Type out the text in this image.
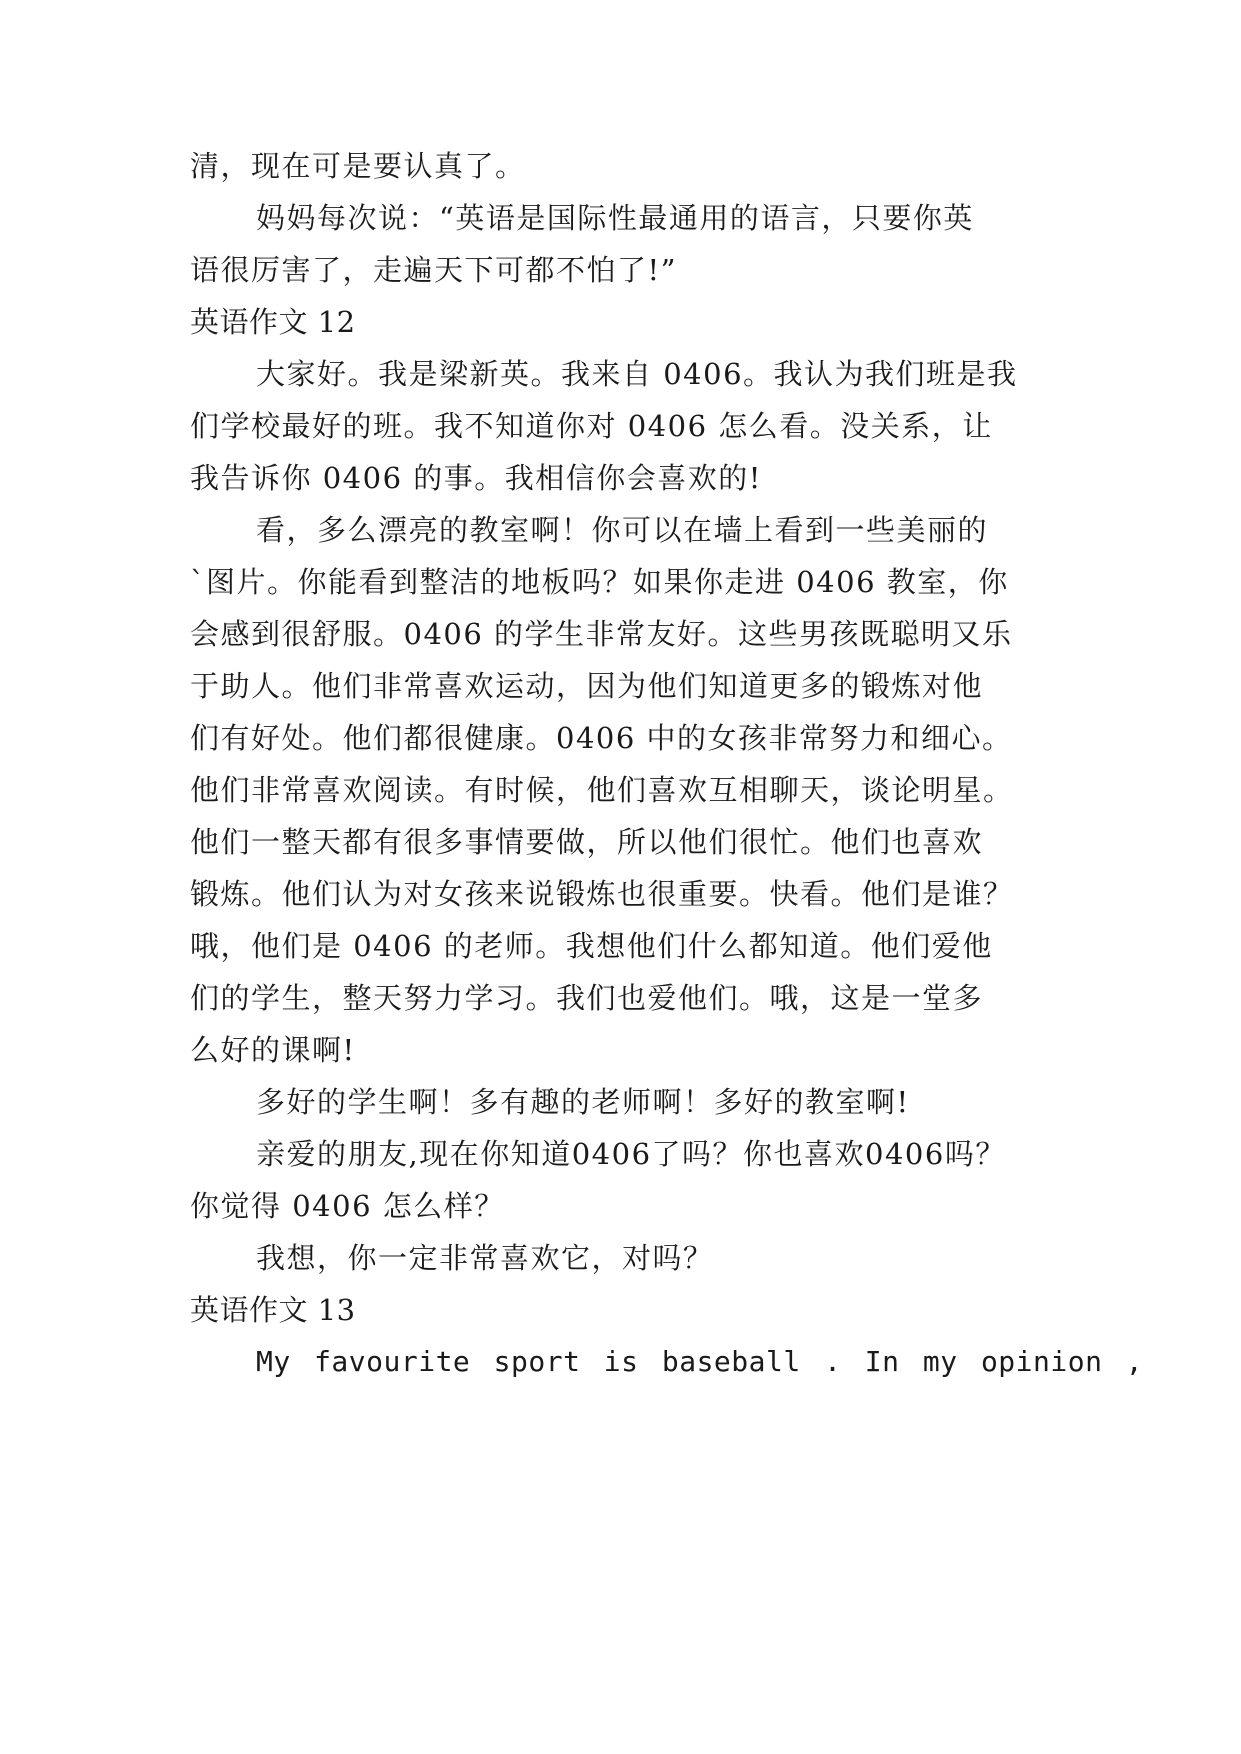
清，现在可是要认真了。
妈妈每次说：“英语是国际性最通用的语言，只要你英
语很厉害了，走遍天下可都不怕了!”
英语作文 12
大家好。我是梁新英。我来自 0406。我认为我们班是我
们学校最好的班。我不知道你对 0406 怎么看。没关系，让
我告诉你 0406 的事。我相信你会喜欢的!
看，多么漂亮的教室啊！你可以在墙上看到一些美丽的
`图片。你能看到整洁的地板吗？如果你走进 0406 教室，你
会感到很舒服。0406 的学生非常友好。这些男孩既聪明又乐
于助人。他们非常喜欢运动，因为他们知道更多的锻炼对他
们有好处。他们都很健康。0406 中的女孩非常努力和细心。
他们非常喜欢阅读。有时候，他们喜欢互相聊天，谈论明星。
他们一整天都有很多事情要做，所以他们很忙。他们也喜欢
锻炼。他们认为对女孩来说锻炼也很重要。快看。他们是谁？
哦，他们是 0406 的老师。我想他们什么都知道。他们爱他
们的学生，整天努力学习。我们也爱他们。哦，这是一堂多
么好的课啊!
多好的学生啊！多有趣的老师啊！多好的教室啊!
亲爱的朋友,现在你知道0406了吗？你也喜欢0406吗？
你觉得 0406 怎么样？
我想，你一定非常喜欢它，对吗？
英语作文 13
My favourite sport is baseball . In my opinion ,
